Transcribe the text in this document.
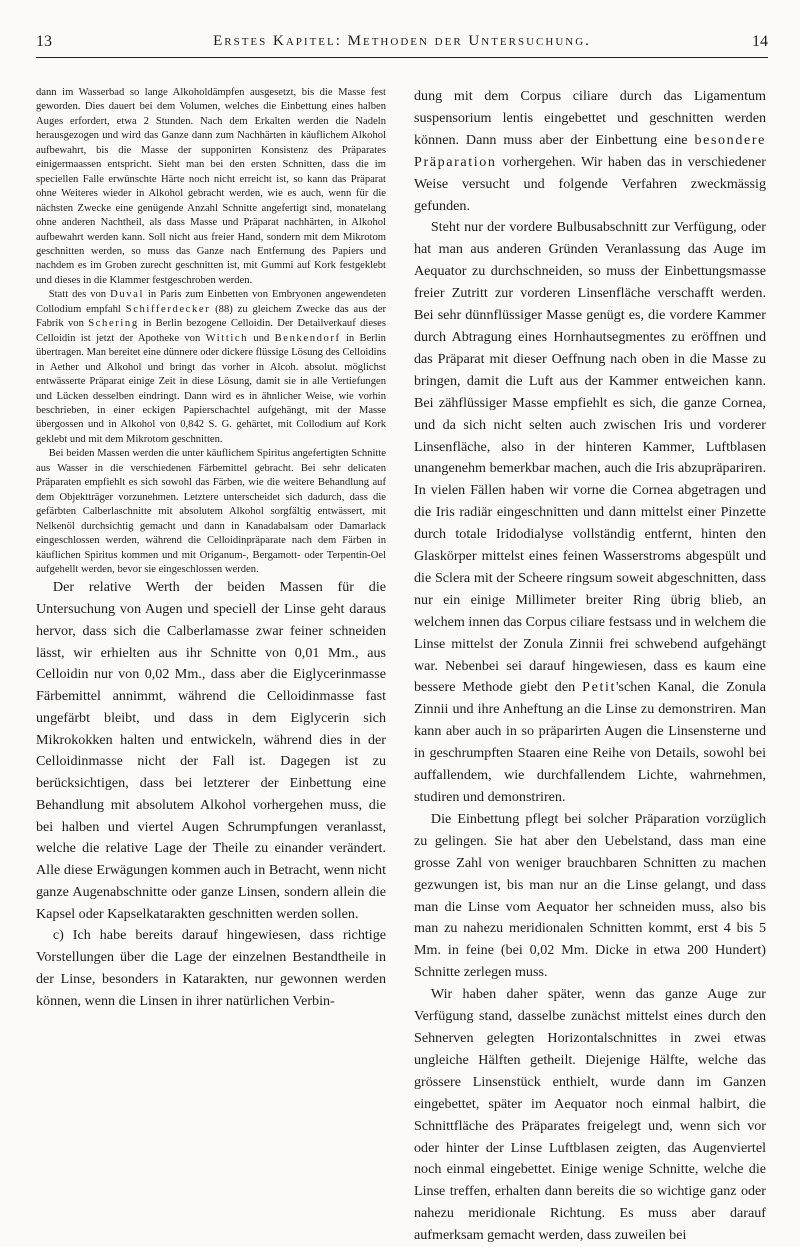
13	Erstes Kapitel: Methoden der Untersuchung.	14

dann im Wasserbad so lange Alkoholdämpfen ausgesetzt, bis die Masse fest geworden. Dies dauert bei dem Volumen, welches die Einbettung eines halben Auges erfordert, etwa 2 Stunden. Nach dem Erkalten werden die Nadeln herausgezogen und wird das Ganze dann zum Nachhärten in käuflichem Alkohol aufbewahrt, bis die Masse der supponirten Konsistenz des Präparates einigermaassen entspricht. Sieht man bei den ersten Schnitten, dass die im speciellen Falle erwünschte Härte noch nicht erreicht ist, so kann das Präparat ohne Weiteres wieder in Alkohol gebracht werden, wie es auch, wenn für die nächsten Zwecke eine genügende Anzahl Schnitte angefertigt sind, monatelang ohne anderen Nachtheil, als dass Masse und Präparat nachhärten, in Alkohol aufbewahrt werden kann. Soll nicht aus freier Hand, sondern mit dem Mikrotom geschnitten werden, so muss das Ganze nach Entfernung des Papiers und nachdem es im Groben zurecht geschnitten ist, mit Gummi auf Kork festgeklebt und dieses in die Klammer festgeschroben werden.

Statt des von Duval in Paris zum Einbetten von Embryonen angewendeten Collodium empfahl Schifferdecker (88) zu gleichem Zwecke das aus der Fabrik von Schering in Berlin bezogene Celloidin. Der Detailverkauf dieses Celloidin ist jetzt der Apotheke von Wittich und Benkendorf in Berlin übertragen. Man bereitet eine dünnere oder dickere flüssige Lösung des Celloidins in Aether und Alkohol und bringt das vorher in Alcoh. absolut. möglichst entwässerte Präparat einige Zeit in diese Lösung, damit sie in alle Vertiefungen und Lücken desselben eindringt. Dann wird es in ähnlicher Weise, wie vorhin beschrieben, in einer eckigen Papierschachtel aufgehängt, mit der Masse übergossen und in Alkohol von 0,842 S. G. gehärtet, mit Collodium auf Kork geklebt und mit dem Mikrotom geschnitten.

Bei beiden Massen werden die unter käuflichem Spiritus angefertigten Schnitte aus Wasser in die verschiedenen Färbemittel gebracht. Bei sehr delicaten Präparaten empfiehlt es sich sowohl das Färben, wie die weitere Behandlung auf dem Objektträger vorzunehmen. Letztere unterscheidet sich dadurch, dass die gefärbten Calberlaschnitte mit absolutem Alkohol sorgfältig entwässert, mit Nelkenöl durchsichtig gemacht und dann in Kanadabalsam oder Damarlack eingeschlossen werden, während die Celloidinpräparate nach dem Färben in käuflichen Spiritus kommen und mit Origanum-, Bergamott- oder Terpentin-Oel aufgehellt werden, bevor sie eingeschlossen werden.

Der relative Werth der beiden Massen für die Untersuchung von Augen und speciell der Linse geht daraus hervor, dass sich die Calberlamasse zwar feiner schneiden lässt, wir erhielten aus ihr Schnitte von 0,01 Mm., aus Celloidin nur von 0,02 Mm., dass aber die Eiglycerinmasse Färbemittel annimmt, während die Celloidinmasse fast ungefärbt bleibt, und dass in dem Eiglycerin sich Mikrokokken halten und entwickeln, während dies in der Celloidinmasse nicht der Fall ist. Dagegen ist zu berücksichtigen, dass bei letzterer der Einbettung eine Behandlung mit absolutem Alkohol vorhergehen muss, die bei halben und viertel Augen Schrumpfungen veranlasst, welche die relative Lage der Theile zu einander verändert. Alle diese Erwägungen kommen auch in Betracht, wenn nicht ganze Augenabschnitte oder ganze Linsen, sondern allein die Kapsel oder Kapselkatarakten geschnitten werden sollen.

c) Ich habe bereits darauf hingewiesen, dass richtige Vorstellungen über die Lage der einzelnen Bestandtheile in der Linse, besonders in Katarakten, nur gewonnen werden können, wenn die Linsen in ihrer natürlichen Verbin-

dung mit dem Corpus ciliare durch das Ligamentum suspensorium lentis eingebettet und geschnitten werden können. Dann muss aber der Einbettung eine besondere Präparation vorhergehen. Wir haben das in verschiedener Weise versucht und folgende Verfahren zweckmässig gefunden.

Steht nur der vordere Bulbusabschnitt zur Verfügung, oder hat man aus anderen Gründen Veranlassung das Auge im Aequator zu durchschneiden, so muss der Einbettungsmasse freier Zutritt zur vorderen Linsenfläche verschafft werden. Bei sehr dünnflüssiger Masse genügt es, die vordere Kammer durch Abtragung eines Hornhautsegmentes zu eröffnen und das Präparat mit dieser Oeffnung nach oben in die Masse zu bringen, damit die Luft aus der Kammer entweichen kann. Bei zähflüssiger Masse empfiehlt es sich, die ganze Cornea, und da sich nicht selten auch zwischen Iris und vorderer Linsenfläche, also in der hinteren Kammer, Luftblasen unangenehm bemerkbar machen, auch die Iris abzupräpariren. In vielen Fällen haben wir vorne die Cornea abgetragen und die Iris radiär eingeschnitten und dann mittelst einer Pinzette durch totale Iridodialyse vollständig entfernt, hinten den Glaskörper mittelst eines feinen Wasserstroms abgespült und die Sclera mit der Scheere ringsum soweit abgeschnitten, dass nur ein einige Millimeter breiter Ring übrig blieb, an welchem innen das Corpus ciliare festsass und in welchem die Linse mittelst der Zonula Zinnii frei schwebend aufgehängt war. Nebenbei sei darauf hingewiesen, dass es kaum eine bessere Methode giebt den Petit'schen Kanal, die Zonula Zinnii und ihre Anheftung an die Linse zu demonstriren. Man kann aber auch in so präparirten Augen die Linsensterne und in geschrumpften Staaren eine Reihe von Details, sowohl bei auffallendem, wie durchfallendem Lichte, wahrnehmen, studiren und demonstriren.

Die Einbettung pflegt bei solcher Präparation vorzüglich zu gelingen. Sie hat aber den Uebelstand, dass man eine grosse Zahl von weniger brauchbaren Schnitten zu machen gezwungen ist, bis man nur an die Linse gelangt, und dass man die Linse vom Aequator her schneiden muss, also bis man zu nahezu meridionalen Schnitten kommt, erst 4 bis 5 Mm. in feine (bei 0,02 Mm. Dicke in etwa 200 Hundert) Schnitte zerlegen muss.

Wir haben daher später, wenn das ganze Auge zur Verfügung stand, dasselbe zunächst mittelst eines durch den Sehnerven gelegten Horizontalschnittes in zwei etwas ungleiche Hälften getheilt. Diejenige Hälfte, welche das grössere Linsenstück enthielt, wurde dann im Ganzen eingebettet, später im Aequator noch einmal halbirt, die Schnittfläche des Präparates freigelegt und, wenn sich vor oder hinter der Linse Luftblasen zeigten, das Augenviertel noch einmal eingebettet. Einige wenige Schnitte, welche die Linse treffen, erhalten dann bereits die so wichtige ganz oder nahezu meridionale Richtung. Es muss aber darauf aufmerksam gemacht werden, dass zuweilen bei
